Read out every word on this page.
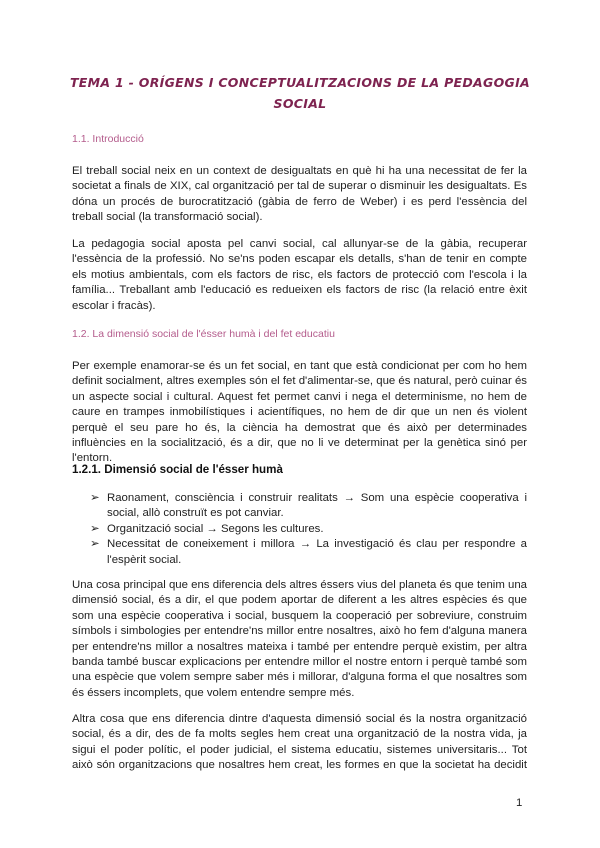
TEMA 1 - ORÍGENS I CONCEPTUALITZACIONS DE LA PEDAGOGIA SOCIAL
1.1. Introducció
El treball social neix en un context de desigualtats en què hi ha una necessitat de fer la societat a finals de XIX, cal organització per tal de superar o disminuir les desigualtats. Es dóna un procés de burocratització (gàbia de ferro de Weber) i es perd l'essència del treball social (la transformació social).
La pedagogia social aposta pel canvi social, cal allunyar-se de la gàbia, recuperar l'essència de la professió. No se'ns poden escapar els detalls, s'han de tenir en compte els motius ambientals, com els factors de risc, els factors de protecció com l'escola i la família... Treballant amb l'educació es redueixen els factors de risc (la relació entre èxit escolar i fracàs).
1.2. La dimensió social de l'ésser humà i del fet educatiu
Per exemple enamorar-se és un fet social, en tant que està condicionat per com ho hem definit socialment, altres exemples són el fet d'alimentar-se, que és natural, però cuinar és un aspecte social i cultural. Aquest fet permet canvi i nega el determinisme, no hem de caure en trampes inmobilístiques i acientífiques, no hem de dir que un nen és violent perquè el seu pare ho és, la ciència ha demostrat que és això per determinades influències en la socialització, és a dir, que no li ve determinat per la genètica sinó per l'entorn.
1.2.1. Dimensió social de l'ésser humà
➢ Raonament, consciència i construir realitats → Som una espècie cooperativa i social, allò construït es pot canviar.
➢ Organització social → Segons les cultures.
➢ Necessitat de coneixement i millora → La investigació és clau per respondre a l'espèrit social.
Una cosa principal que ens diferencia dels altres éssers vius del planeta és que tenim una dimensió social, és a dir, el que podem aportar de diferent a les altres espècies és que som una espècie cooperativa i social, busquem la cooperació per sobreviure, construim símbols i simbologies per entendre'ns millor entre nosaltres, això ho fem d'alguna manera per entendre'ns millor a nosaltres mateixa i també per entendre perquè existim, per altra banda també buscar explicacions per entendre millor el nostre entorn i perquè també som una espècie que volem sempre saber més i millorar, d'alguna forma el que nosaltres som és éssers incomplets, que volem entendre sempre més.
Altra cosa que ens diferencia dintre d'aquesta dimensió social és la nostra organització social, és a dir, des de fa molts segles hem creat una organització de la nostra vida, ja sigui el poder polític, el poder judicial, el sistema educatiu, sistemes universitaris... Tot això són organitzacions que nosaltres hem creat, les formes en que la societat ha decidit
1
